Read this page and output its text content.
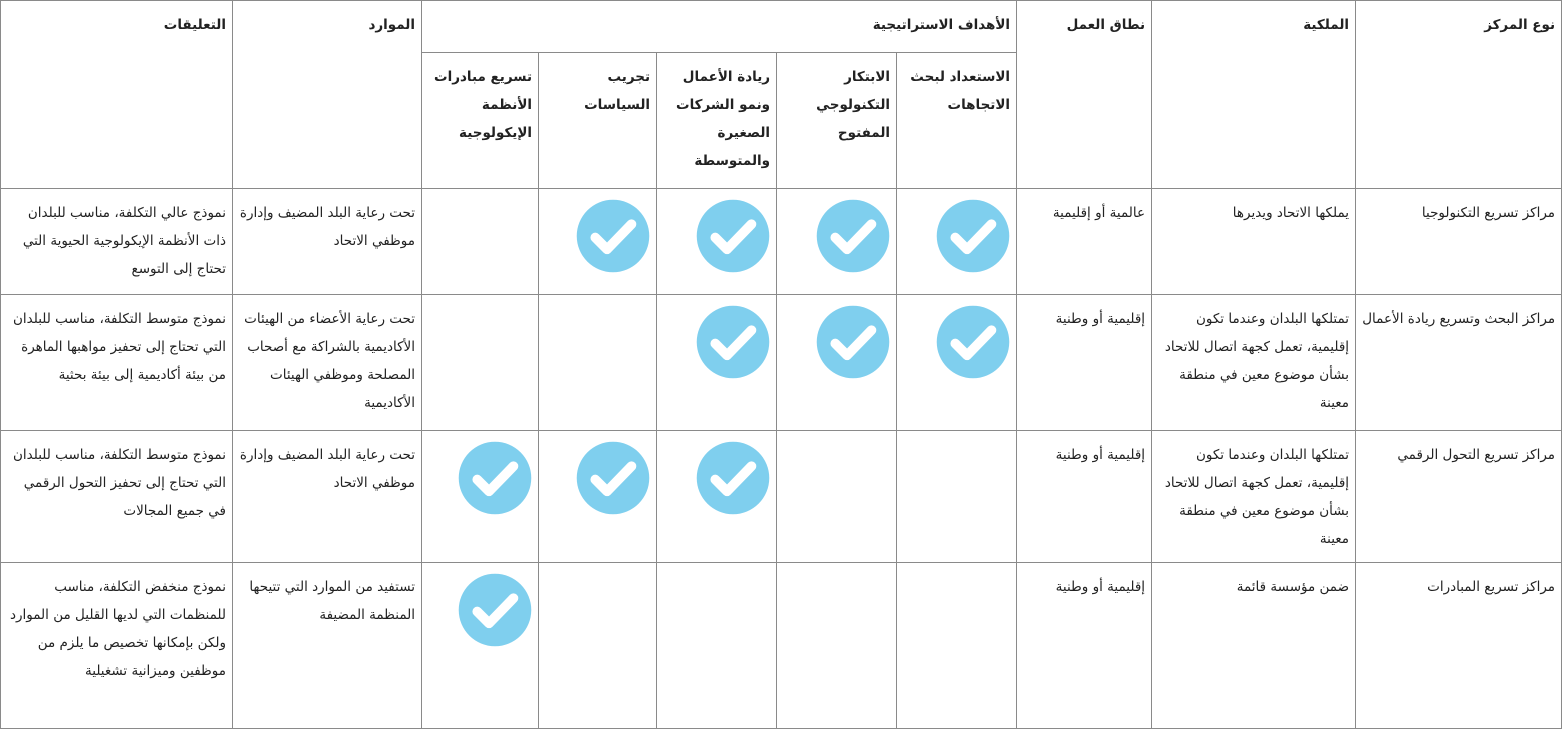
نوع المركز	الملكية	نطاق العمل	الأهداف الاستراتيجية					الموارد	التعليقات
			الاستعداد لبحث الاتجاهات	الابتكار التكنولوجي المفتوح	ريادة الأعمال ونمو الشركات الصغيرة والمتوسطة	تجريب السياسات	تسريع مبادرات الأنظمة الإيكولوجية		
مراكز تسريع التكنولوجيا	يملكها الاتحاد ويديرها	عالمية أو إقليمية						تحت رعاية البلد المضيف وإدارة موظفي الاتحاد	نموذج عالي التكلفة، مناسب للبلدان ذات الأنظمة الإيكولوجية الحيوية التي تحتاج إلى التوسع
مراكز البحث وتسريع ريادة الأعمال	تمتلكها البلدان وعندما تكون إقليمية، تعمل كجهة اتصال للاتحاد بشأن موضوع معين في منطقة معينة	إقليمية أو وطنية						تحت رعاية الأعضاء من الهيئات الأكاديمية بالشراكة مع أصحاب المصلحة وموظفي الهيئات الأكاديمية	نموذج متوسط التكلفة، مناسب للبلدان التي تحتاج إلى تحفيز مواهبها الماهرة من بيئة أكاديمية إلى بيئة بحثية
مراكز تسريع التحول الرقمي	تمتلكها البلدان وعندما تكون إقليمية، تعمل كجهة اتصال للاتحاد بشأن موضوع معين في منطقة معينة	إقليمية أو وطنية						تحت رعاية البلد المضيف وإدارة موظفي الاتحاد	نموذج متوسط التكلفة، مناسب للبلدان التي تحتاج إلى تحفيز التحول الرقمي في جميع المجالات
مراكز تسريع المبادرات	ضمن مؤسسة قائمة	إقليمية أو وطنية						تستفيد من الموارد التي تتيحها المنظمة المضيفة	نموذج منخفض التكلفة، مناسب للمنظمات التي لديها القليل من الموارد ولكن بإمكانها تخصيص ما يلزم من موظفين وميزانية تشغيلية
